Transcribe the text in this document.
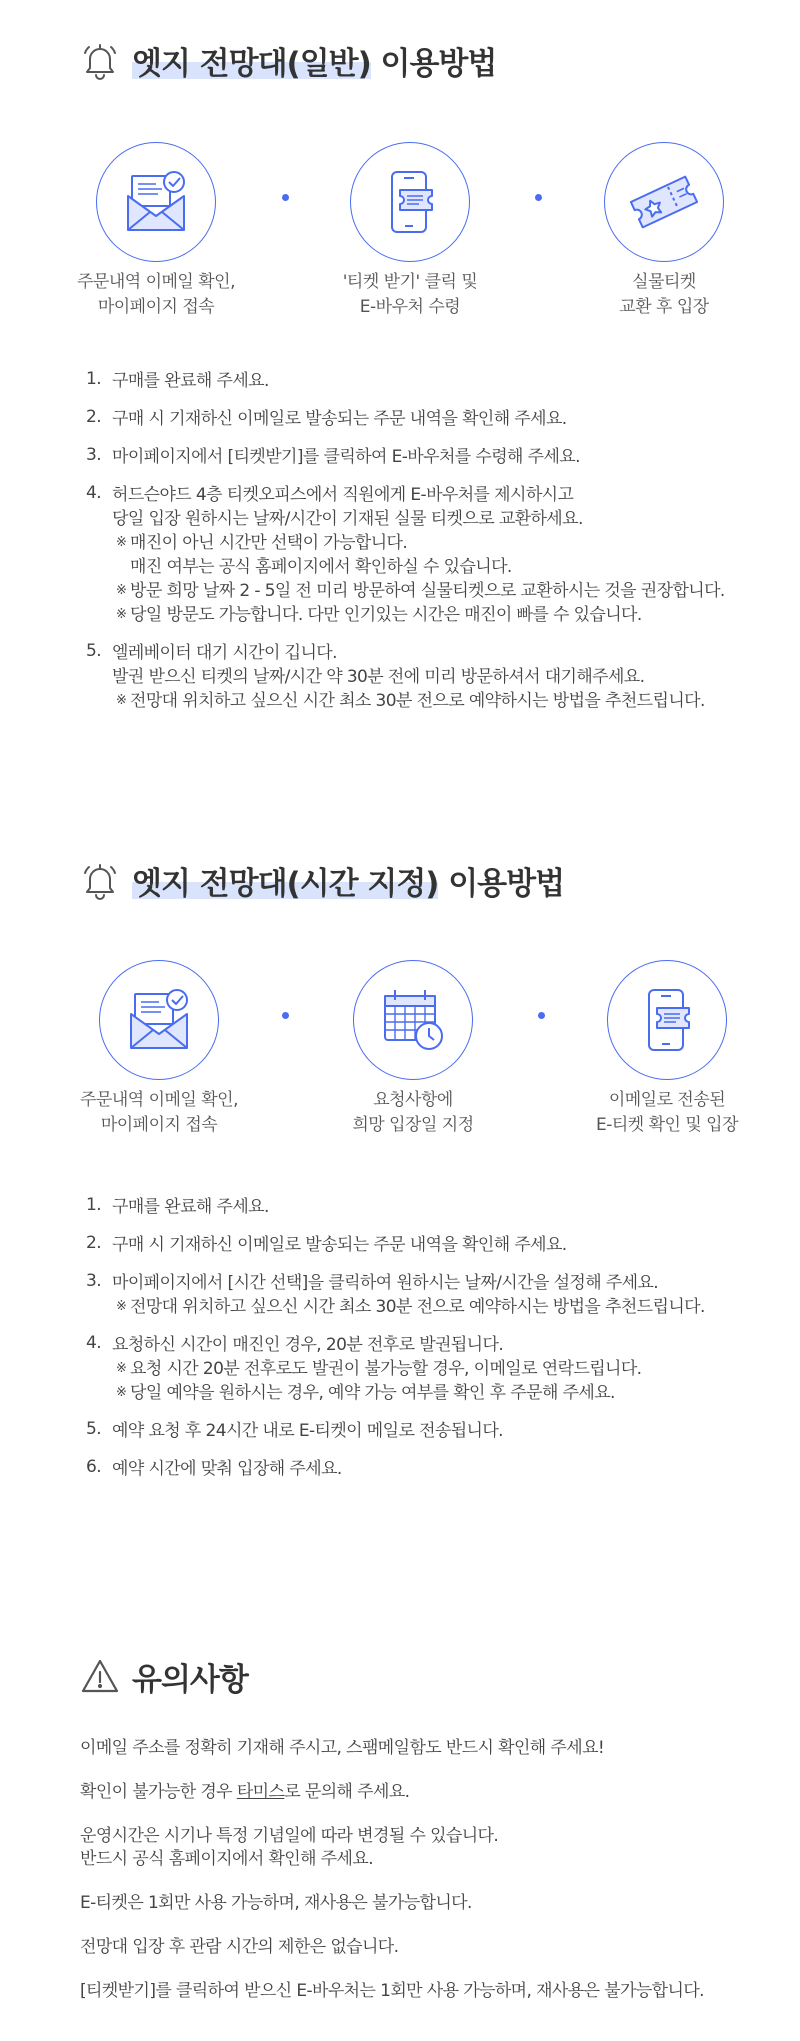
엣지 전망대(일반) 이용방법
주문내역 이메일 확인,
마이페이지 접속
'티켓 받기' 클릭 및
E-바우처 수령
실물티켓
교환 후 입장
1. 구매를 완료해 주세요.
2. 구매 시 기재하신 이메일로 발송되는 주문 내역을 확인해 주세요.
3. 마이페이지에서 [티켓받기]를 클릭하여 E-바우처를 수령해 주세요.
4. 허드슨야드 4층 티켓오피스에서 직원에게 E-바우처를 제시하시고
당일 입장 원하시는 날짜/시간이 기재된 실물 티켓으로 교환하세요.
※ 매진이 아닌 시간만 선택이 가능합니다.
매진 여부는 공식 홈페이지에서 확인하실 수 있습니다.
※ 방문 희망 날짜 2 - 5일 전 미리 방문하여 실물티켓으로 교환하시는 것을 권장합니다.
※ 당일 방문도 가능합니다. 다만 인기있는 시간은 매진이 빠를 수 있습니다.
5. 엘레베이터 대기 시간이 깁니다.
발권 받으신 티켓의 날짜/시간 약 30분 전에 미리 방문하셔서 대기해주세요.
※ 전망대 위치하고 싶으신 시간 최소 30분 전으로 예약하시는 방법을 추천드립니다.
엣지 전망대(시간 지정) 이용방법
주문내역 이메일 확인,
마이페이지 접속
요청사항에
희망 입장일 지정
이메일로 전송된
E-티켓 확인 및 입장
1. 구매를 완료해 주세요.
2. 구매 시 기재하신 이메일로 발송되는 주문 내역을 확인해 주세요.
3. 마이페이지에서 [시간 선택]을 클릭하여 원하시는 날짜/시간을 설정해 주세요.
※ 전망대 위치하고 싶으신 시간 최소 30분 전으로 예약하시는 방법을 추천드립니다.
4. 요청하신 시간이 매진인 경우, 20분 전후로 발권됩니다.
※ 요청 시간 20분 전후로도 발권이 불가능할 경우, 이메일로 연락드립니다.
※ 당일 예약을 원하시는 경우, 예약 가능 여부를 확인 후 주문해 주세요.
5. 예약 요청 후 24시간 내로 E-티켓이 메일로 전송됩니다.
6. 예약 시간에 맞춰 입장해 주세요.
유의사항
이메일 주소를 정확히 기재해 주시고, 스팸메일함도 반드시 확인해 주세요!
확인이 불가능한 경우 타미스로 문의해 주세요.
운영시간은 시기나 특정 기념일에 따라 변경될 수 있습니다.
반드시 공식 홈페이지에서 확인해 주세요.
E-티켓은 1회만 사용 가능하며, 재사용은 불가능합니다.
전망대 입장 후 관람 시간의 제한은 없습니다.
[티켓받기]를 클릭하여 받으신 E-바우처는 1회만 사용 가능하며, 재사용은 불가능합니다.
